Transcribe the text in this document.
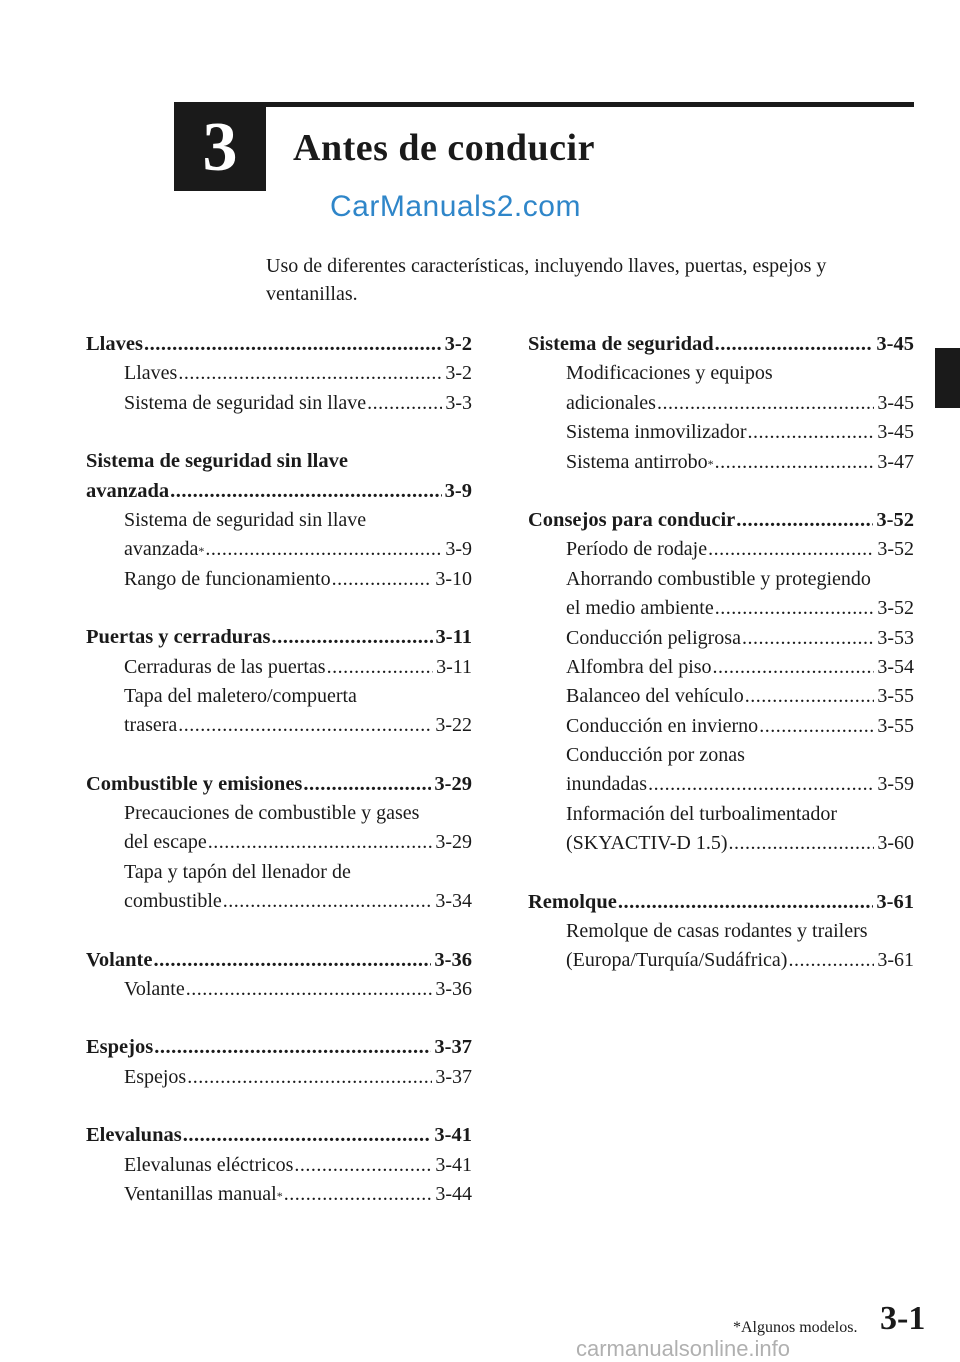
3	Antes de conducir
CarManuals2.com
Uso de diferentes características, incluyendo llaves, puertas, espejos y ventanillas.
Llaves .....	3-2
Llaves .....	3-2
Sistema de seguridad sin llave .....	3-3
Sistema de seguridad sin llave
avanzada .....	3-9
Sistema de seguridad sin llave
avanzada * .....	3-9
Rango de funcionamiento .....	3-10
Puertas y cerraduras .....	3-11
Cerraduras de las puertas .....	3-11
Tapa del maletero/compuerta
trasera .....	3-22
Combustible y emisiones .....	3-29
Precauciones de combustible y gases
del escape .....	3-29
Tapa y tapón del llenador de
combustible .....	3-34
Volante .....	3-36
Volante .....	3-36
Espejos .....	3-37
Espejos .....	3-37
Elevalunas .....	3-41
Elevalunas eléctricos .....	3-41
Ventanillas manual * .....	3-44
Sistema de seguridad .....	3-45
Modificaciones y equipos
adicionales .....	3-45
Sistema inmovilizador .....	3-45
Sistema antirrobo * .....	3-47
Consejos para conducir .....	3-52
Período de rodaje .....	3-52
Ahorrando combustible y protegiendo
el medio ambiente .....	3-52
Conducción peligrosa .....	3-53
Alfombra del piso .....	3-54
Balanceo del vehículo .....	3-55
Conducción en invierno .....	3-55
Conducción por zonas
inundadas .....	3-59
Información del turboalimentador
(SKYACTIV-D 1.5) .....	3-60
Remolque .....	3-61
Remolque de casas rodantes y trailers
(Europa/Turquía/Sudáfrica) .....	3-61
*Algunos modelos. 3-1
carmanualsonline.info
